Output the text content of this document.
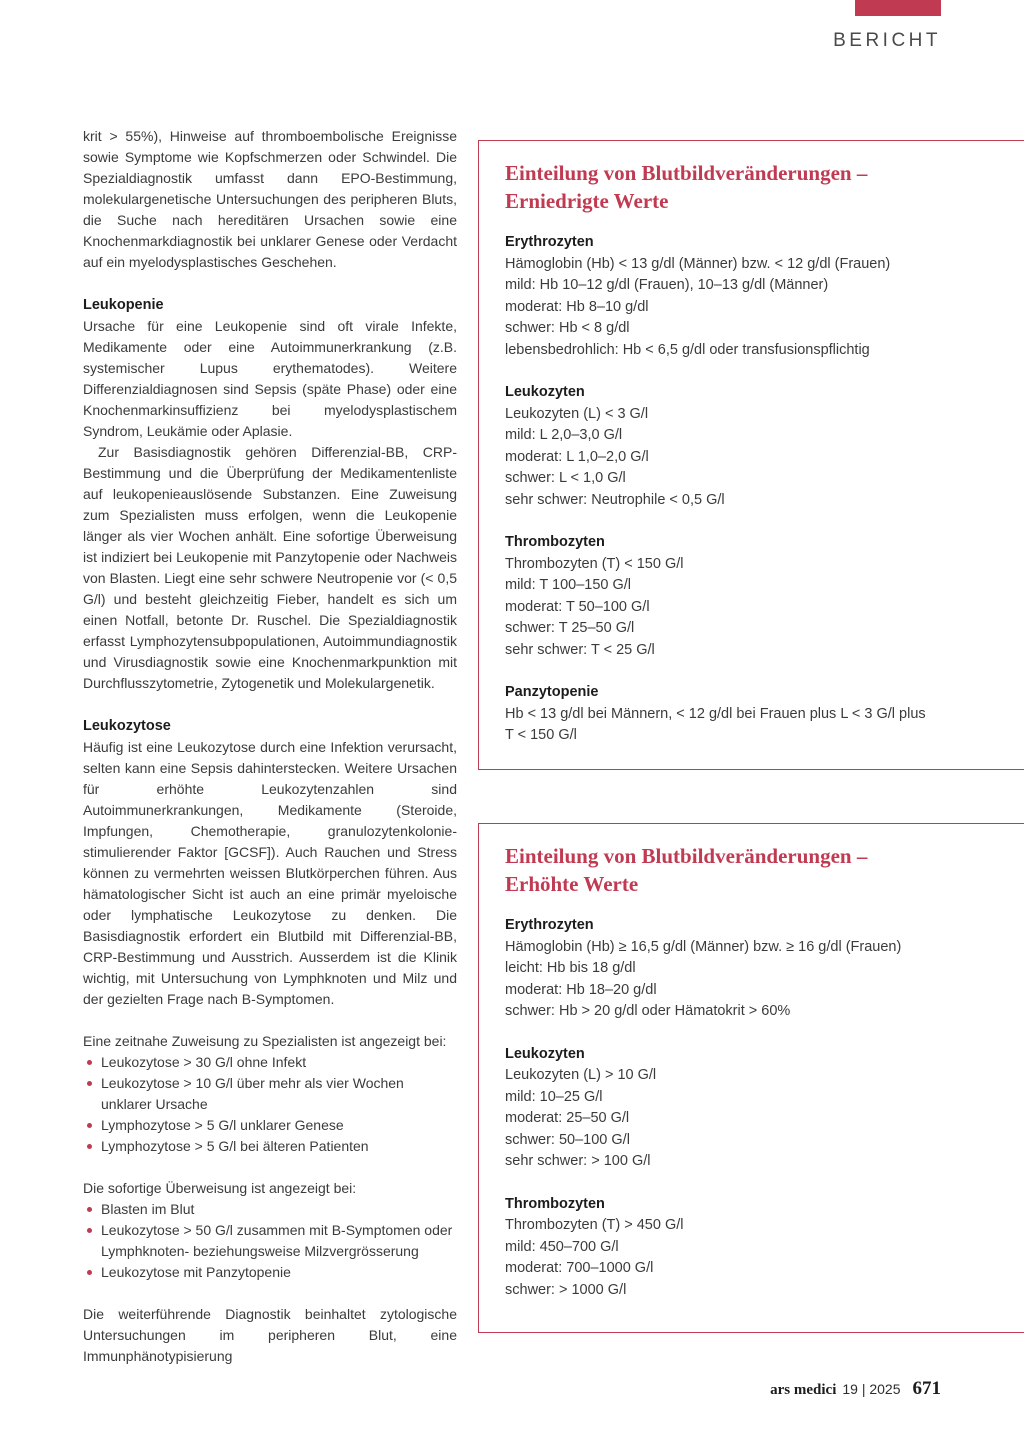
BERICHT

krit > 55%), Hinweise auf thromboembolische Ereignisse sowie Symptome wie Kopfschmerzen oder Schwindel. Die Spezialdiagnostik umfasst dann EPO-Bestimmung, molekulargenetische Untersuchungen des peripheren Bluts, die Suche nach hereditären Ursachen sowie eine Knochenmarkdiagnostik bei unklarer Genese oder Verdacht auf ein myelodysplastisches Geschehen.

Leukopenie

Ursache für eine Leukopenie sind oft virale Infekte, Medikamente oder eine Autoimmunerkrankung (z.B. systemischer Lupus erythematodes). Weitere Differenzialdiagnosen sind Sepsis (späte Phase) oder eine Knochenmarkinsuffizienz bei myelodysplastischem Syndrom, Leukämie oder Aplasie.

Zur Basisdiagnostik gehören Differenzial-BB, CRP-Bestimmung und die Überprüfung der Medikamentenliste auf leukopenieauslösende Substanzen. Eine Zuweisung zum Spezialisten muss erfolgen, wenn die Leukopenie länger als vier Wochen anhält. Eine sofortige Überweisung ist indiziert bei Leukopenie mit Panzytopenie oder Nachweis von Blasten. Liegt eine sehr schwere Neutropenie vor (< 0,5 G/l) und besteht gleichzeitig Fieber, handelt es sich um einen Notfall, betonte Dr. Ruschel. Die Spezialdiagnostik erfasst Lymphozytensubpopulationen, Autoimmundiagnostik und Virusdiagnostik sowie eine Knochenmarkpunktion mit Durchflusszytometrie, Zytogenetik und Molekulargenetik.

Leukozytose

Häufig ist eine Leukozytose durch eine Infektion verursacht, selten kann eine Sepsis dahinterstecken. Weitere Ursachen für erhöhte Leukozytenzahlen sind Autoimmunerkrankungen, Medikamente (Steroide, Impfungen, Chemotherapie, granulozytenkolonie-stimulierender Faktor [GCSF]). Auch Rauchen und Stress können zu vermehrten weissen Blutkörperchen führen. Aus hämatologischer Sicht ist auch an eine primär myeloische oder lymphatische Leukozytose zu denken. Die Basisdiagnostik erfordert ein Blutbild mit Differenzial-BB, CRP-Bestimmung und Ausstrich. Ausserdem ist die Klinik wichtig, mit Untersuchung von Lymphknoten und Milz und der gezielten Frage nach B-Symptomen.

Eine zeitnahe Zuweisung zu Spezialisten ist angezeigt bei:

Leukozytose > 30 G/l ohne Infekt
Leukozytose > 10 G/l über mehr als vier Wochen unklarer Ursache
Lymphozytose > 5 G/l unklarer Genese
Lymphozytose > 5 G/l bei älteren Patienten

Die sofortige Überweisung ist angezeigt bei:

Blasten im Blut
Leukozytose > 50 G/l zusammen mit B-Symptomen oder Lymphknoten- beziehungsweise Milzvergrösserung
Leukozytose mit Panzytopenie

Die weiterführende Diagnostik beinhaltet zytologische Untersuchungen im peripheren Blut, eine Immunphänotypisierung

Einteilung von Blutbildveränderungen –
Erniedrigte Werte
Erythrozyten
Hämoglobin (Hb) < 13 g/dl (Männer) bzw. < 12 g/dl (Frauen)
mild: Hb 10–12 g/dl (Frauen), 10–13 g/dl (Männer)
moderat: Hb 8–10 g/dl
schwer: Hb < 8 g/dl
lebensbedrohlich: Hb < 6,5 g/dl oder transfusionspflichtig
Leukozyten
Leukozyten (L) < 3 G/l
mild: L 2,0–3,0 G/l
moderat: L 1,0–2,0 G/l
schwer: L < 1,0 G/l
sehr schwer: Neutrophile < 0,5 G/l
Thrombozyten
Thrombozyten (T) < 150 G/l
mild: T 100–150 G/l
moderat: T 50–100 G/l
schwer: T 25–50 G/l
sehr schwer: T < 25 G/l
Panzytopenie
Hb < 13 g/dl bei Männern, < 12 g/dl bei Frauen plus L < 3 G/l plus T < 150 G/l
Einteilung von Blutbildveränderungen –
Erhöhte Werte
Erythrozyten
Hämoglobin (Hb) ≥ 16,5 g/dl (Männer) bzw. ≥ 16 g/dl (Frauen)
leicht: Hb bis 18 g/dl
moderat: Hb 18–20 g/dl
schwer: Hb > 20 g/dl oder Hämatokrit > 60%
Leukozyten
Leukozyten (L) > 10 G/l
mild: 10–25 G/l
moderat: 25–50 G/l
schwer: 50–100 G/l
sehr schwer: > 100 G/l
Thrombozyten
Thrombozyten (T) > 450 G/l
mild: 450–700 G/l
moderat: 700–1000 G/l
schwer: > 1000 G/l
ars medici 19 | 2025 671
